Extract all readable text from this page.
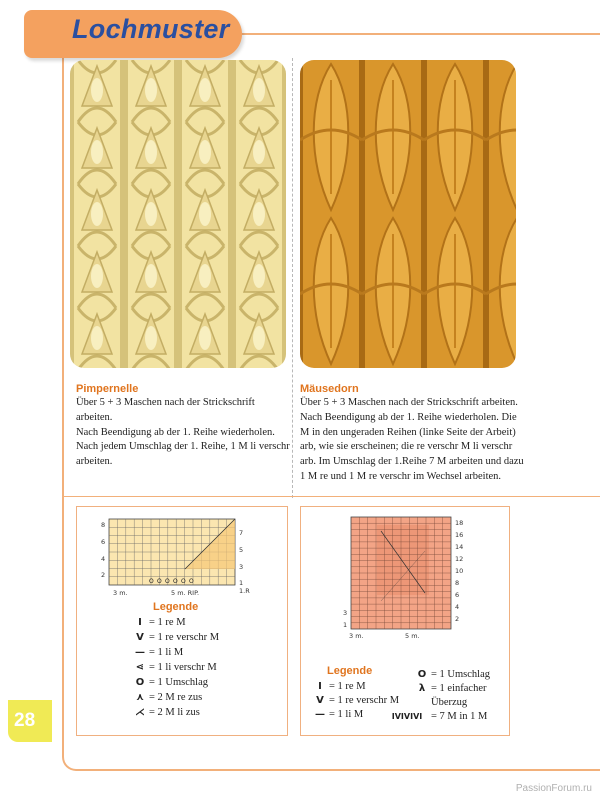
Lochmuster
Pimpernelle
Über 5 + 3 Maschen nach der Strickschrift
arbeiten.
Nach Beendigung ab der 1. Reihe wiederholen.
Nach jedem Umschlag der 1. Reihe, 1 M li verschr
arbeiten.
Mäusedorn
Über 5 + 3 Maschen nach der Strickschrift arbeiten.
Nach Beendigung ab der 1. Reihe wiederholen. Die
M in den ungeraden Reihen (linke Seite der Arbeit)
arb, wie sie erscheinen; die re verschr M li verschr
arb. Im Umschlag der 1.Reihe 7 M arbeiten und dazu
1 M re und 1 M re verschr im Wechsel arbeiten.
8
6
4
2
7
5
3
1
1.R
3 m.	5 m. RIP.
O O O O O O
Legende
I = 1 re M
V = 1 re verschr M
— = 1 li M
⋖ = 1 li verschr M
O = 1 Umschlag
⋏ = 2 M re zus
⋌ = 2 M li zus
18
16
14
12
10
8
6
4
2
3
1
3 m.	5 m.
Legende
I = 1 re M
V = 1 re verschr M
— = 1 li M
O = 1 Umschlag
λ = 1 einfacher
Überzug
IVIVIVI = 7 M in 1 M
28
PassionForum.ru
